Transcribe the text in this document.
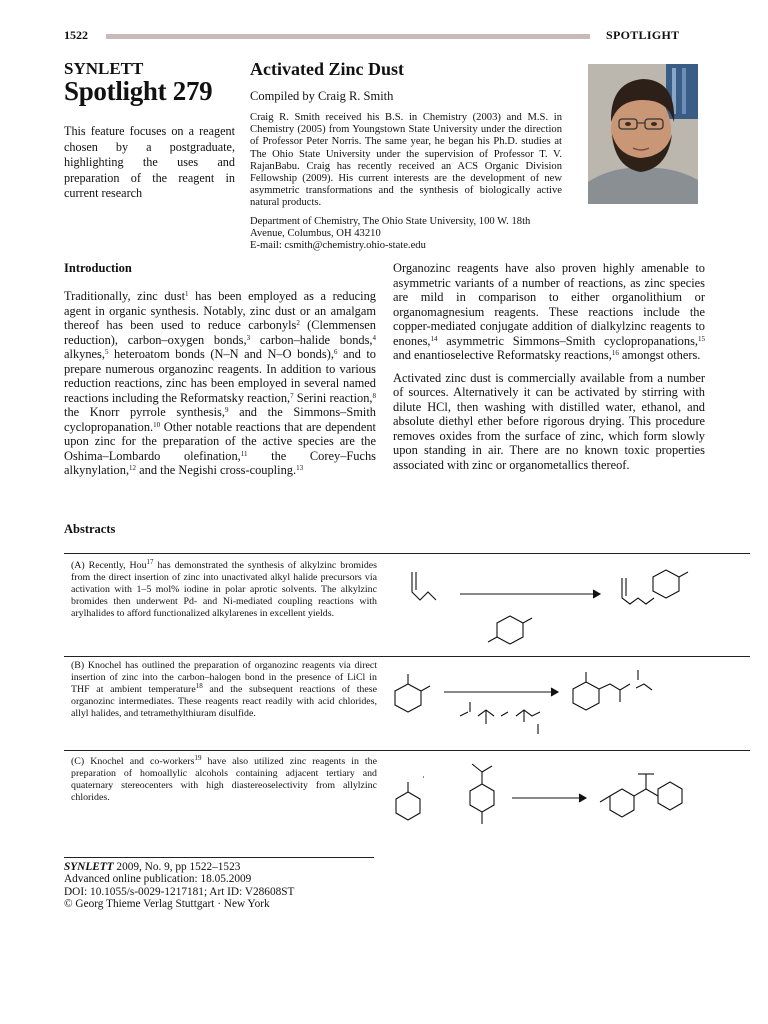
1522	SPOTLIGHT
SYNLETT
Spotlight 279
This feature focuses on a reagent chosen by a postgraduate, highlighting the uses and preparation of the reagent in current research
Activated Zinc Dust
Compiled by Craig R. Smith
Craig R. Smith received his B.S. in Chemistry (2003) and M.S. in Chemistry (2005) from Youngstown State University under the direction of Professor Peter Norris. The same year, he began his Ph.D. studies at The Ohio State University under the supervision of Professor T. V. RajanBabu. Craig has recently received an ACS Organic Division Fellowship (2009). His current interests are the development of new asymmetric transformations and the synthesis of biologically active natural products.
Department of Chemistry, The Ohio State University, 100 W. 18th Avenue, Columbus, OH 43210
E-mail: csmith@chemistry.ohio-state.edu
Introduction

Traditionally, zinc dust$^1$ has been employed as a reducing agent in organic synthesis. Notably, zinc dust or an amalgam thereof has been used to reduce carbonyls$^2$ (Clemmensen reduction), carbon–oxygen bonds,$^3$ carbon–halide bonds,$^4$ alkynes,$^5$ heteroatom bonds (N–N and N–O bonds),$^6$ and to prepare numerous organozinc reagents. In addition to various reduction reactions, zinc has been employed in several named reactions including the Reformatsky reaction,$^7$ Serini reaction,$^8$ the Knorr pyrrole synthesis,$^9$ and the Simmons–Smith cyclopropanation.$^{10}$ Other notable reactions that are dependent upon zinc for the preparation of the active species are the Oshima–Lombardo olefination,$^{11}$ the Corey–Fuchs alkynylation,$^{12}$ and the Negishi cross-coupling.$^{13}$

Organozinc reagents have also proven highly amenable to asymmetric variants of a number of reactions, as zinc species are mild in comparison to either organolithium or organomagnesium reagents. These reactions include the copper-mediated conjugate addition of dialkylzinc reagents to enones,$^{14}$ asymmetric Simmons–Smith cyclopropanations,$^{15}$ and enantioselective Reformatsky reactions,$^{16}$ amongst others.

Activated zinc dust is commercially available from a number of sources. Alternatively it can be activated by stirring with dilute HCl, then washing with distilled water, ethanol, and absolute diethyl ether before rigorous drying. This procedure removes oxides from the surface of zinc, which form slowly upon standing in air. There are no known toxic properties associated with zinc or organometallics thereof.

Abstracts
(A) Recently, Hou$^{17}$ has demonstrated the synthesis of alkylzinc bromides from the direct insertion of zinc into unactivated alkyl halide precursors via activation with 1–5 mol% iodine in polar aprotic solvents. The alkylzinc bromides then underwent Pd- and Ni-mediated coupling reactions with arylhalides to afford functionalized alkylarenes in excellent yields.
(B) Knochel has outlined the preparation of organozinc reagents via direct insertion of zinc into the carbon–halogen bond in the presence of LiCl in THF at ambient temperature$^{18}$ and the subsequent reactions of these organozinc intermediates. These reagents react readily with acid chlorides, allyl halides, and tetramethylthiuram disulfide.
(C) Knochel and co-workers$^{19}$ have also utilized zinc reagents in the preparation of homoallylic alcohols containing adjacent tertiary and quaternary stereocenters with high diastereoselectivity from allylzinc chlorides.
SYNLETT 2009, No. 9, pp 1522–1523
Advanced online publication: 18.05.2009
DOI: 10.1055/s-0029-1217181; Art ID: V28608ST
© Georg Thieme Verlag Stuttgart · New York
